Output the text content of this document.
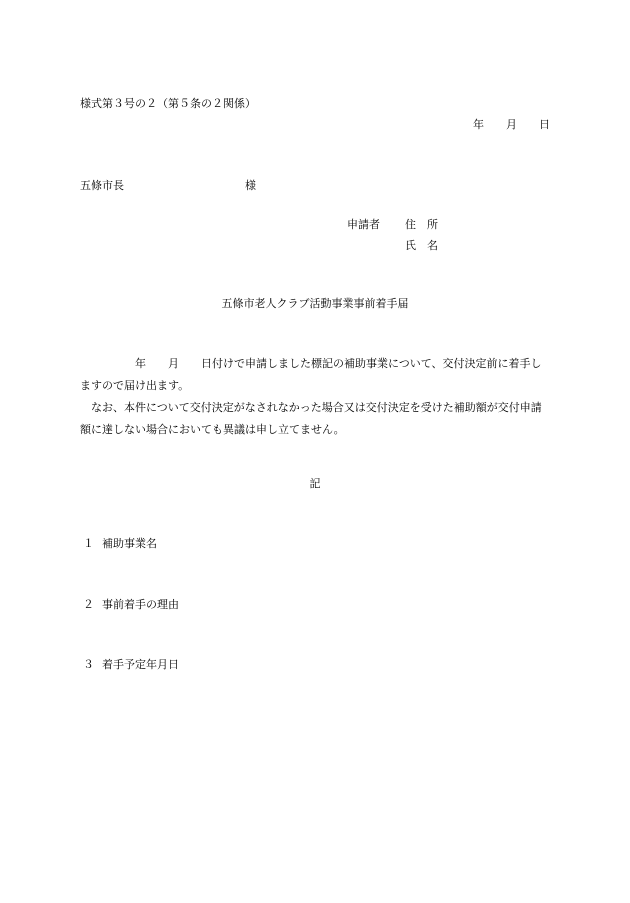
様式第３号の２（第５条の２関係）
年　　月　　日
五條市長　　　　　　　　　　　様
申請者 住　所
氏　名
五條市老人クラブ活動事業事前着手届

　　　　　年　　月　　日付けで申請しました標記の補助事業について、交付決定前に着手しますので届け出ます。

　なお、本件について交付決定がなされなかった場合又は交付決定を受けた補助額が交付申請額に達しない場合においても異議は申し立てません。

記
１ 補助事業名
２ 事前着手の理由
３ 着手予定年月日
